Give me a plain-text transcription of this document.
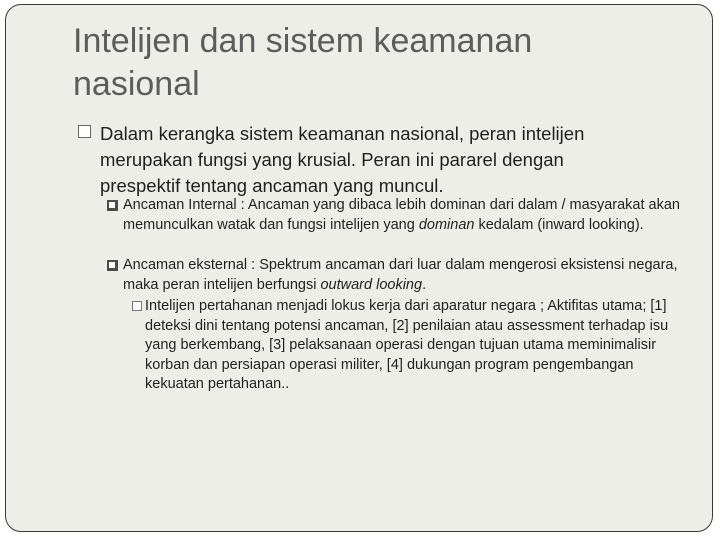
Intelijen dan sistem keamanan nasional
Dalam kerangka sistem keamanan nasional, peran intelijen merupakan fungsi yang krusial. Peran ini pararel dengan prespektif tentang ancaman yang muncul.
Ancaman Internal : Ancaman yang dibaca lebih dominan dari dalam / masyarakat akan memunculkan watak dan fungsi intelijen yang dominan kedalam (inward looking).
Ancaman eksternal : Spektrum ancaman dari luar dalam mengerosi eksistensi negara, maka peran intelijen berfungsi outward looking.
Intelijen pertahanan menjadi lokus kerja dari aparatur negara ; Aktifitas utama; [1] deteksi dini tentang potensi ancaman, [2] penilaian atau assessment terhadap isu yang berkembang, [3] pelaksanaan operasi dengan tujuan utama meminimalisir korban dan persiapan operasi militer, [4] dukungan program pengembangan kekuatan pertahanan..
